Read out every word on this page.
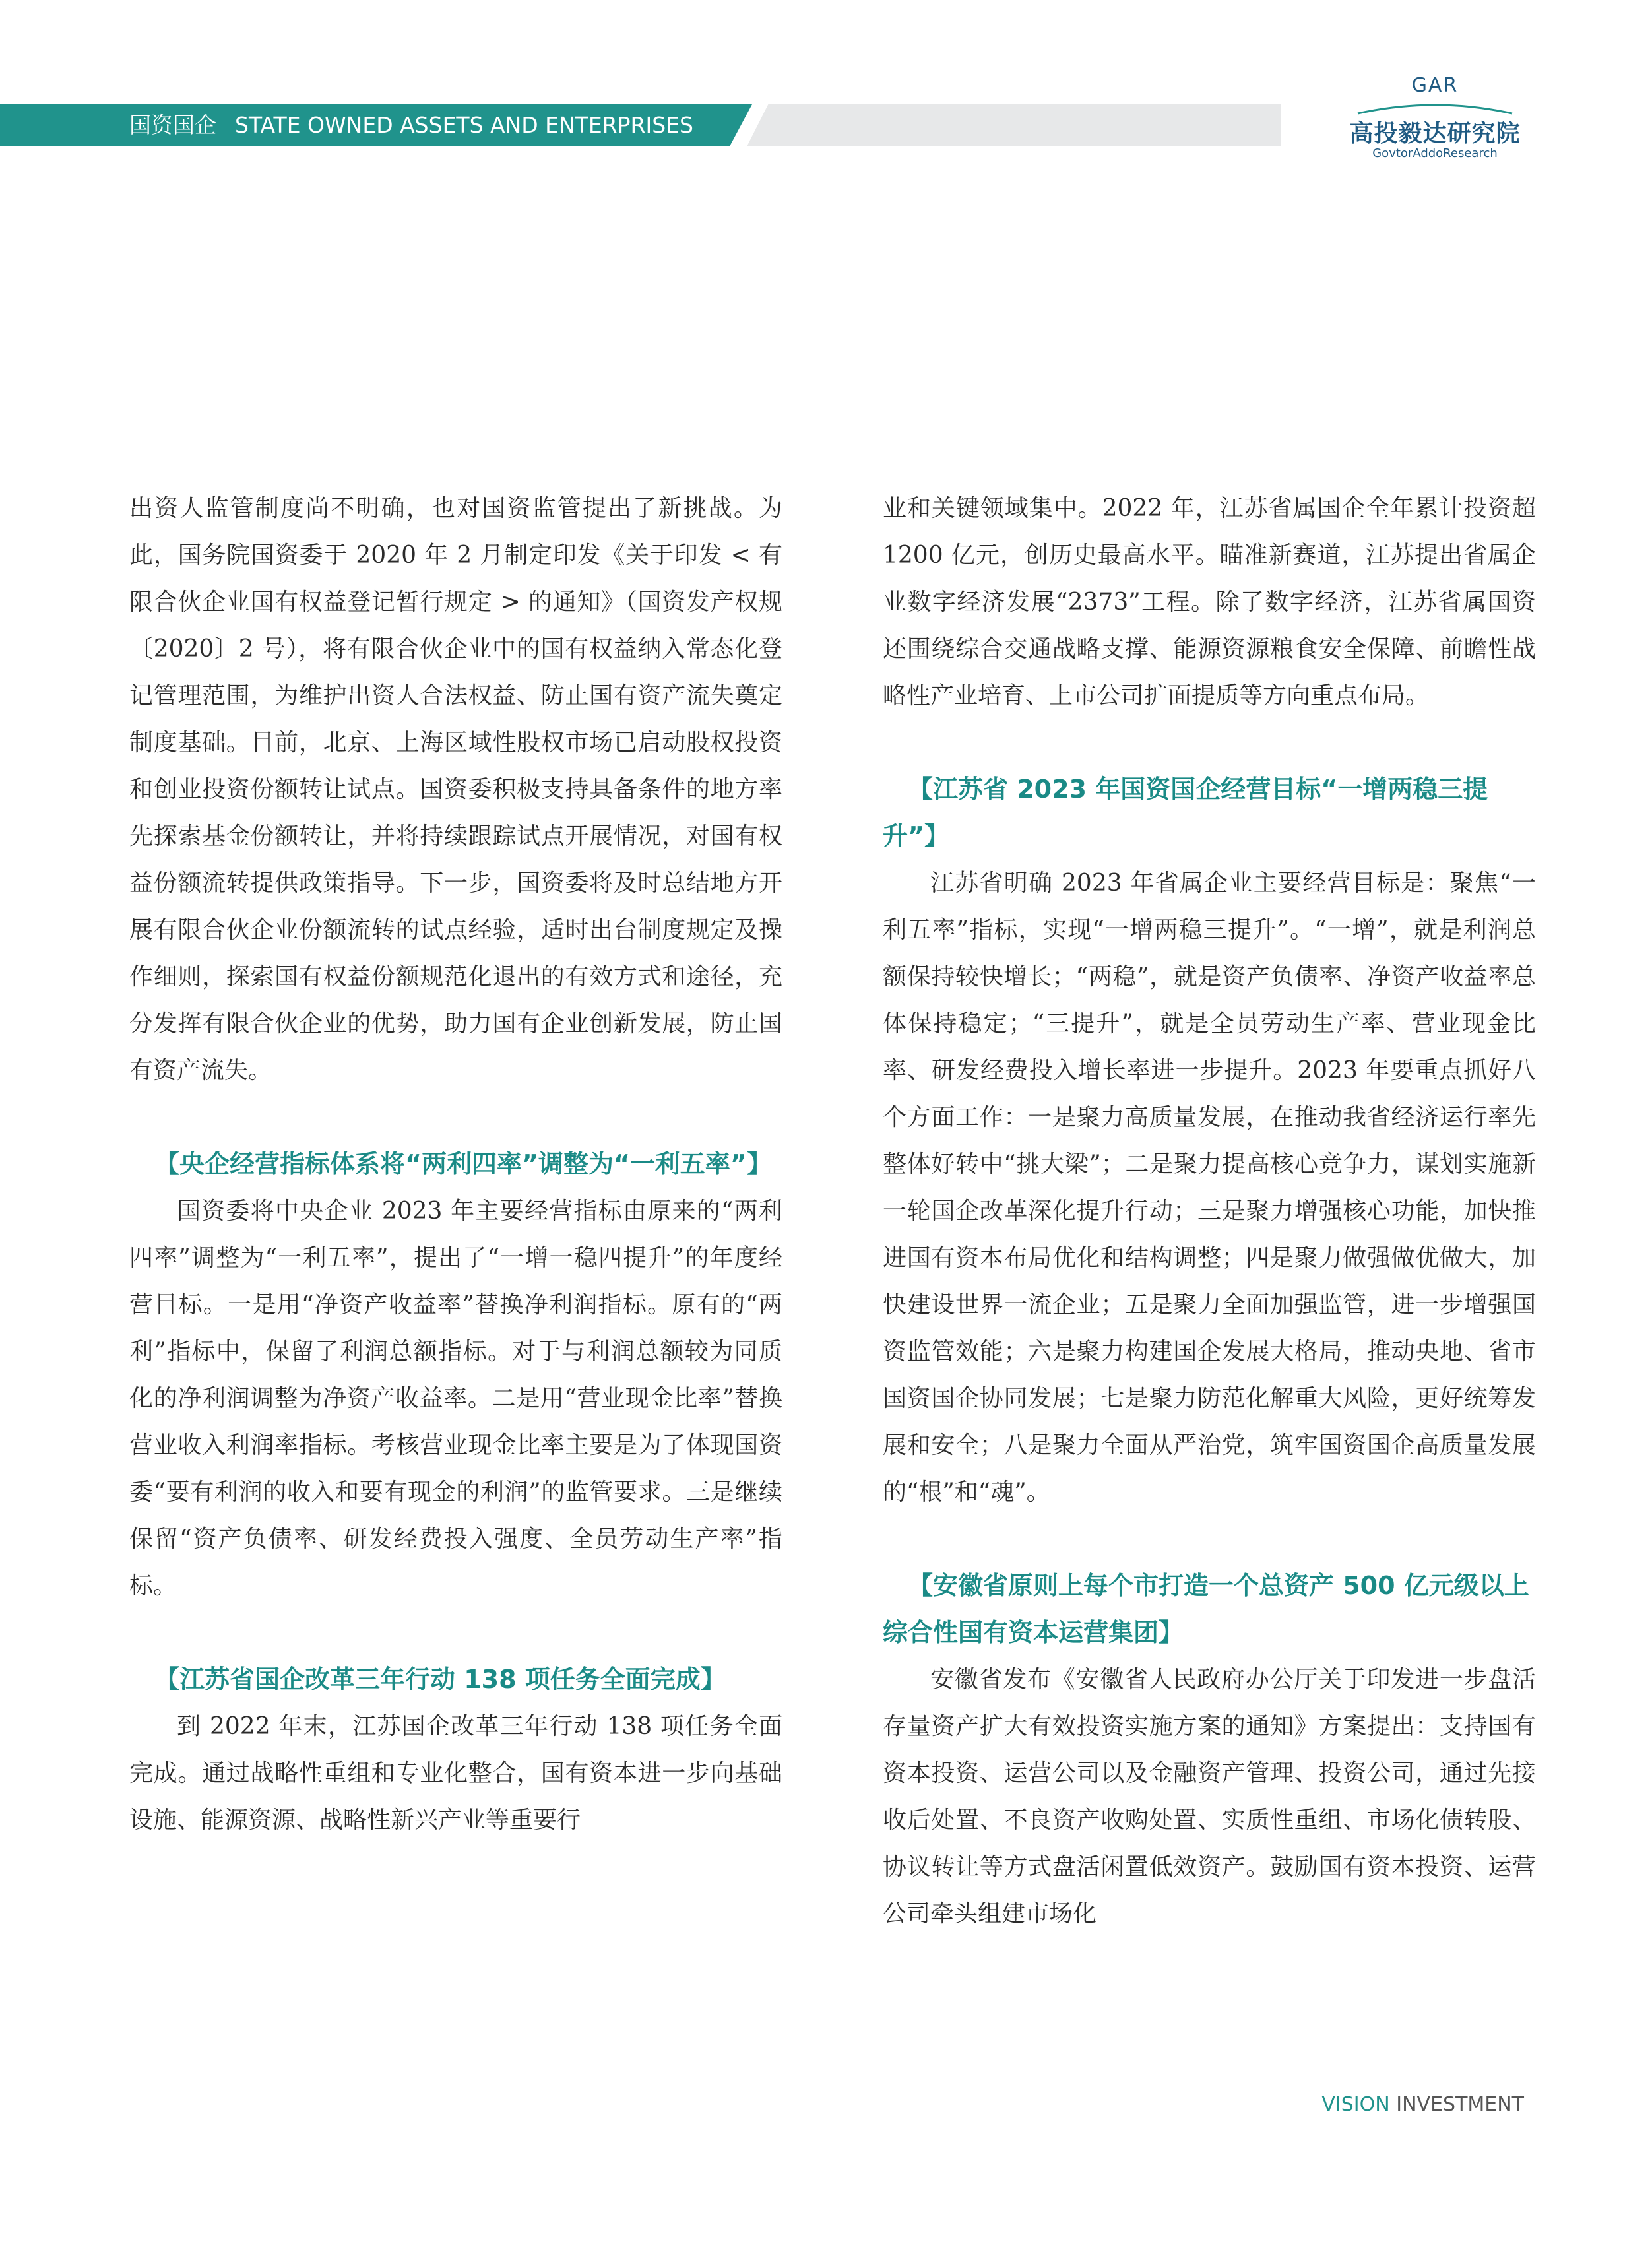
国资国企 STATE OWNED ASSETS AND ENTERPRISES
GAR
高投毅达研究院
GovtorAddoResearch

出资人监管制度尚不明确，也对国资监管提出了新挑战。为此，国务院国资委于 2020 年 2 月制定印发《关于印发 < 有限合伙企业国有权益登记暂行规定 > 的通知》（国资发产权规〔2020〕2 号），将有限合伙企业中的国有权益纳入常态化登记管理范围，为维护出资人合法权益、防止国有资产流失奠定制度基础。目前，北京、上海区域性股权市场已启动股权投资和创业投资份额转让试点。国资委积极支持具备条件的地方率先探索基金份额转让，并将持续跟踪试点开展情况，对国有权益份额流转提供政策指导。下一步，国资委将及时总结地方开展有限合伙企业份额流转的试点经验，适时出台制度规定及操作细则，探索国有权益份额规范化退出的有效方式和途径，充分发挥有限合伙企业的优势，助力国有企业创新发展，防止国有资产流失。

【央企经营指标体系将“两利四率”调整为“一利五率”】

国资委将中央企业 2023 年主要经营指标由原来的“两利四率”调整为“一利五率”，提出了“一增一稳四提升”的年度经营目标。一是用“净资产收益率”替换净利润指标。原有的“两利”指标中，保留了利润总额指标。对于与利润总额较为同质化的净利润调整为净资产收益率。二是用“营业现金比率”替换营业收入利润率指标。考核营业现金比率主要是为了体现国资委“要有利润的收入和要有现金的利润”的监管要求。三是继续保留“资产负债率、研发经费投入强度、全员劳动生产率”指标。

【江苏省国企改革三年行动 138 项任务全面完成】

到 2022 年末，江苏国企改革三年行动 138 项任务全面完成。通过战略性重组和专业化整合，国有资本进一步向基础设施、能源资源、战略性新兴产业等重要行

业和关键领域集中。2022 年，江苏省属国企全年累计投资超 1200 亿元，创历史最高水平。瞄准新赛道，江苏提出省属企业数字经济发展“2373”工程。除了数字经济，江苏省属国资还围绕综合交通战略支撑、能源资源粮食安全保障、前瞻性战略性产业培育、上市公司扩面提质等方向重点布局。

【江苏省 2023 年国资国企经营目标“一增两稳三提升”】

江苏省明确 2023 年省属企业主要经营目标是：聚焦“一利五率”指标，实现“一增两稳三提升”。“一增”，就是利润总额保持较快增长；“两稳”，就是资产负债率、净资产收益率总体保持稳定；“三提升”，就是全员劳动生产率、营业现金比率、研发经费投入增长率进一步提升。2023 年要重点抓好八个方面工作：一是聚力高质量发展，在推动我省经济运行率先整体好转中“挑大梁”；二是聚力提高核心竞争力，谋划实施新一轮国企改革深化提升行动；三是聚力增强核心功能，加快推进国有资本布局优化和结构调整；四是聚力做强做优做大，加快建设世界一流企业；五是聚力全面加强监管，进一步增强国资监管效能；六是聚力构建国企发展大格局，推动央地、省市国资国企协同发展；七是聚力防范化解重大风险，更好统筹发展和安全；八是聚力全面从严治党，筑牢国资国企高质量发展的“根”和“魂”。

【安徽省原则上每个市打造一个总资产 500 亿元级以上综合性国有资本运营集团】

安徽省发布《安徽省人民政府办公厅关于印发进一步盘活存量资产扩大有效投资实施方案的通知》方案提出：支持国有资本投资、运营公司以及金融资产管理、投资公司，通过先接收后处置、不良资产收购处置、实质性重组、市场化债转股、协议转让等方式盘活闲置低效资产。鼓励国有资本投资、运营公司牵头组建市场化

VISION INVESTMENT
